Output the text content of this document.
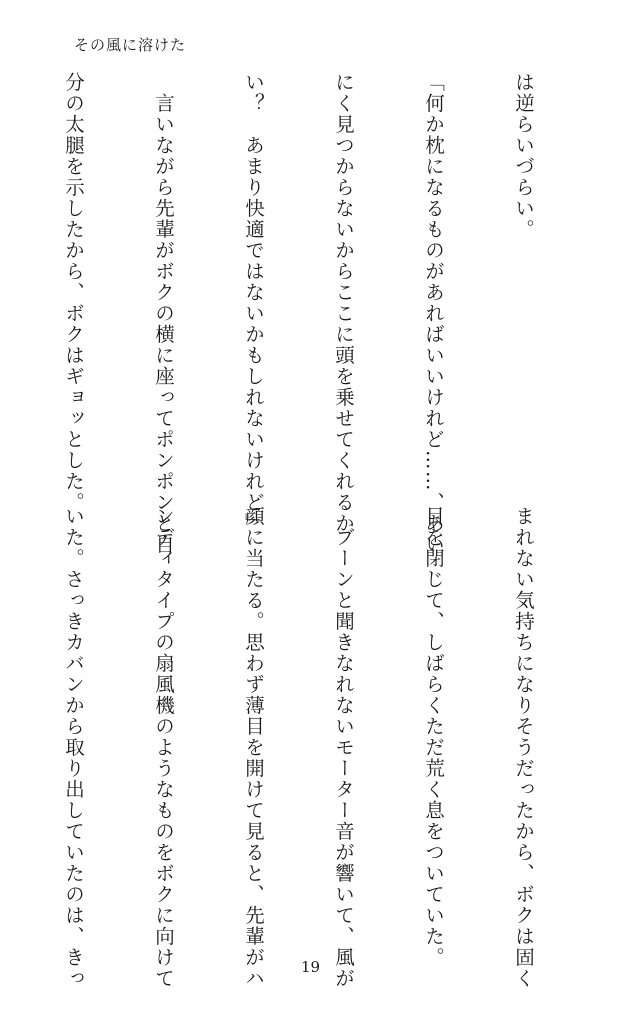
その風に溶けた

は逆らいづらい。

「何か枕になるものがあればいいけれど……、あい

にく見つからないからここに頭を乗せてくれるか

い？　あまり快適ではないかもしれないけれど」

　言いながら先輩がボクの横に座ってポンポンと自

分の太腿を示したから、ボクはギョッとした。

まれない気持ちになりそうだったから、ボクは固く

目を閉じて、しばらくただ荒く息をついていた。

　ブーンと聞きなれないモーター音が響いて、風が

顔に当たる。思わず薄目を開けて見ると、先輩がハ

ンディタイプの扇風機のようなものをボクに向けて

いた。さっきカバンから取り出していたのは、きっ

	19
